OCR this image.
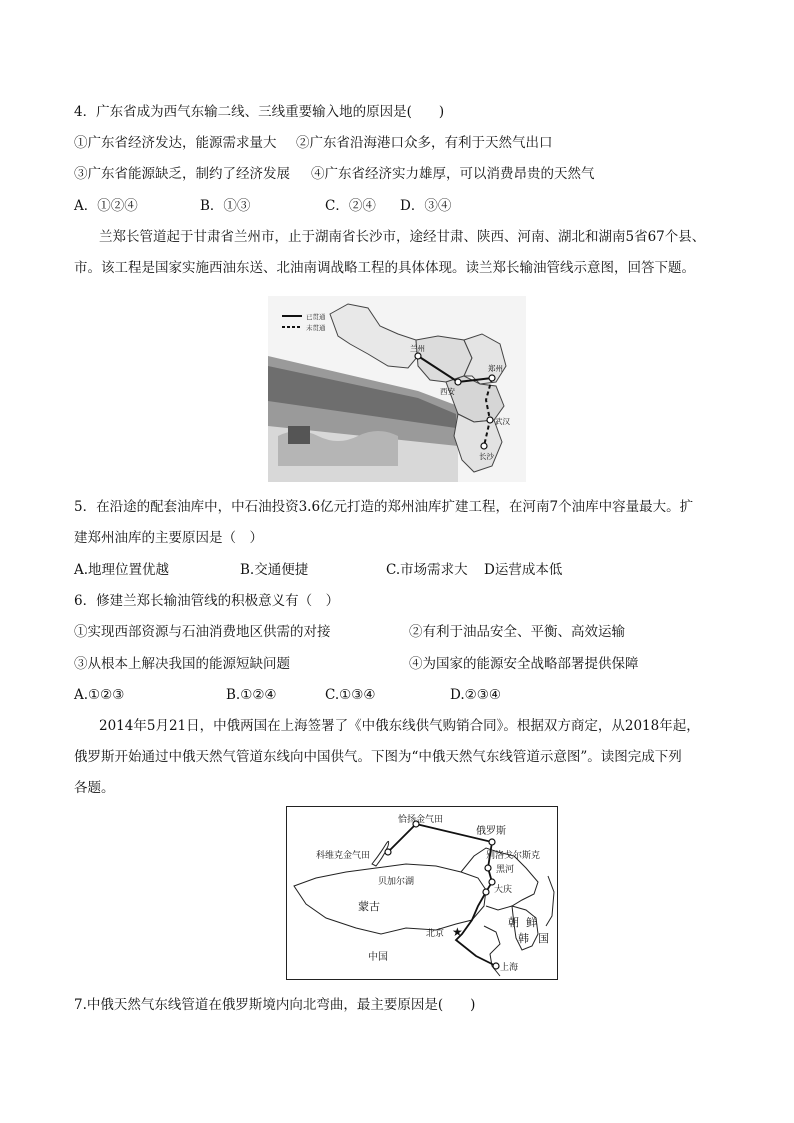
4．广东省成为西气东输二线、三线重要输入地的原因是(　　)
①广东省经济发达，能源需求量大 ②广东省沿海港口众多，有利于天然气出口
③广东省能源缺乏，制约了经济发展 ④广东省经济实力雄厚，可以消费昂贵的天然气
A．①②④	B．①③	C．②④ D．③④
兰郑长管道起于甘肃省兰州市，止于湖南省长沙市，途经甘肃、陕西、河南、湖北和湖南5省67个县、
市。该工程是国家实施西油东送、北油南调战略工程的具体体现。读兰郑长输油管线示意图，回答下题。
已贯通
未贯通
兰州
西安
郑州
武汉
长沙
5．在沿途的配套油库中，中石油投资3.6亿元打造的郑州油库扩建工程，在河南7个油库中容量最大。扩
建郑州油库的主要原因是（　）
A.地理位置优越	B.交通便捷	C.市场需求大 D运营成本低
6．修建兰郑长输油管线的积极意义有（　）
①实现西部资源与石油消费地区供需的对接	②有利于油品安全、平衡、高效运输
③从根本上解决我国的能源短缺问题	④为国家的能源安全战略部署提供保障
A.①②③	B.①②④	C.①③④	D.②③④
2014年5月21日，中俄两国在上海签署了《中俄东线供气购销合同》。根据双方商定，从2018年起，
俄罗斯开始通过中俄天然气管道东线向中国供气。下图为“中俄天然气东线管道示意图”。读图完成下列
各题。
★
恰扬金气田
俄罗斯
科维克金气田	别洛戈尔斯克
贝加尔湖
黑河
大庆
蒙古
朝 鲜
韩 国
北京
中国
上海
7.中俄天然气东线管道在俄罗斯境内向北弯曲，最主要原因是(　　)
